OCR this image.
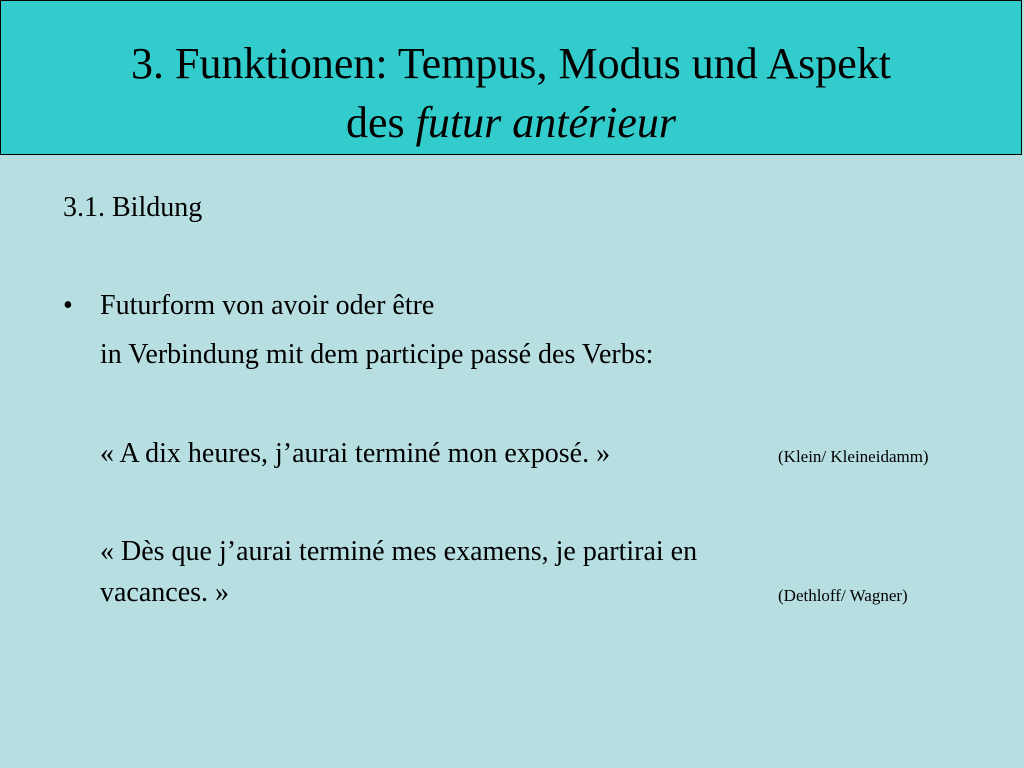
3. Funktionen: Tempus, Modus und Aspekt
des futur antérieur
3.1. Bildung
• Futurform von avoir oder être
in Verbindung mit dem participe passé des Verbs:
« A dix heures, j’aurai terminé mon exposé. »	(Klein/ Kleineidamm)
« Dès que j’aurai terminé mes examens, je partirai en
vacances. »	(Dethloff/ Wagner)
